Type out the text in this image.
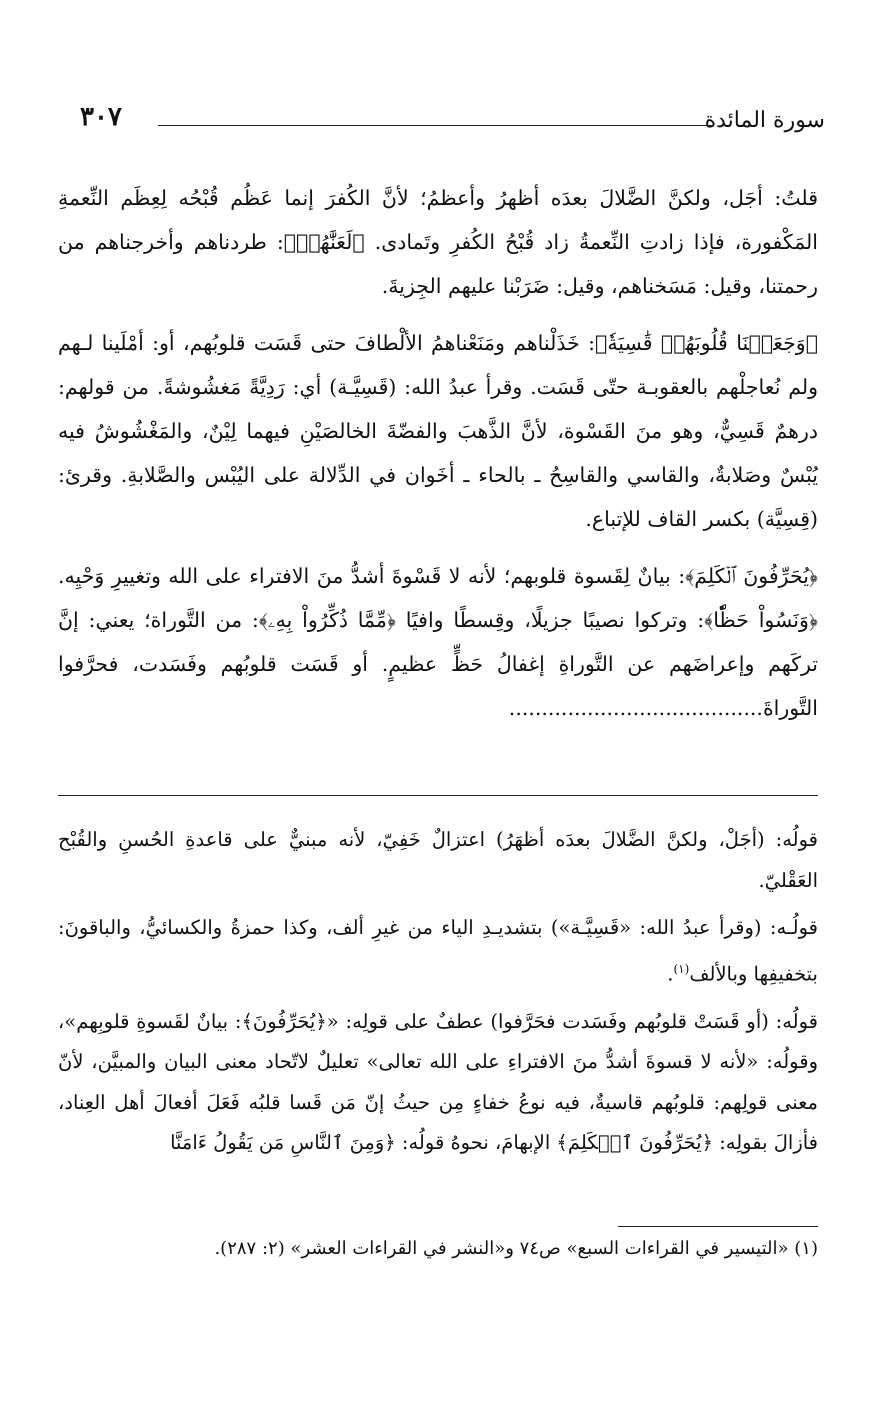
سورة المائدة
٣٠٧

قلتُ: أجَل، ولكنَّ الضَّلالَ بعدَه أظهرُ وأعظمُ؛ لأنَّ الكُفرَ إنما عَظُم قُبْحُه لِعِظَم النِّعمةِ المَكْفورة، فإذا زادتِ النِّعمةُ زاد قُبْحُ الكُفرِ وتَمادى. ﴿لَعَنَّٰهُمۡ﴾: طردناهم وأخرجناهم من رحمتنا، وقيل: مَسَخناهم، وقيل: ضَرَبْنا عليهم الجِزيةَ.

﴿وَجَعَلۡنَا قُلُوبَهُمۡ قَٰسِيَةٗ﴾: خَذَلْناهم ومَنَعْناهمُ الألْطافَ حتى قَسَت قلوبُهم، أو: أمْلَينا لـهم ولم نُعاجلْهم بالعقوبـة حتّى قَسَت. وقرأ عبدُ الله: (قَسِيَّـة) أي: رَدِيَّةً مَغشُوشةً. من قولهم: درهمٌ قَسِيٌّ، وهو منَ القَسْوة، لأنَّ الذَّهبَ والفضّةَ الخالصَيْنِ فيهما لِيْنٌ، والمَغْشُوشُ فيه يُبْسٌ وصَلابةٌ، والقاسي والقاسِحُ ـ بالحاء ـ أخَوان في الدِّلالة على اليُبْس والصَّلابةِ. وقرئ: (قِسِيَّة) بكسر القاف للإتباع.

﴿يُحَرِّفُونَ ٱلۡكَلِمَ﴾: بيانٌ لِقَسوة قلوبهم؛ لأنه لا قَسْوةَ أشدُّ منَ الافتراء على الله وتغييرِ وَحْيِه. ﴿وَنَسُواْ حَظّٗا﴾: وتركوا نصيبًا جزيلًا، وقِسطًا وافيًا ﴿مِّمَّا ذُكِّرُواْ بِهِۦ﴾: من التَّوراة؛ يعني: إنَّ تركَهم وإعراضَهم عن التَّوراةِ إغفالُ حَظٍّ عظيمٍ. أو قَسَت قلوبُهم وفَسَدت، فحرَّفوا التَّوراةَ.......................................

قولُه: (أجَلْ، ولكنَّ الضَّلالَ بعدَه أظهَرُ) اعتزالٌ خَفِيّ، لأنه مبنيٌّ على قاعدةِ الحُسنِ والقُبْح العَقْليّ.

قولُـه: (وقرأ عبدُ الله: «قَسِيَّـة») بتشديـدِ الياء من غيرِ ألف، وكذا حمزةُ والكسائيُّ، والباقونَ: بتخفيفِها وبالألف$^{(١)}$.

قولُه: (أو قَسَتْ قلوبُهم وفَسَدت فحَرَّفوا) عطفٌ على قولِه: «﴿يُحَرِّفُونَ﴾: بيانٌ لقَسوةِ قلوبِهم»، وقولُه: «لأنه لا قسوةَ أشدُّ منَ الافتراءِ على الله تعالى» تعليلٌ لاتّحاد معنى البيان والمبيَّن، لأنّ معنى قولِهم: قلوبُهم قاسيةٌ، فيه نوعُ خفاءٍ مِن حيثُ إنّ مَن قَسا قلبُه فَعَلَ أفعالَ أهل العِناد، فأزالَ بقولِه: ﴿يُحَرِّفُونَ ٱلۡكَلِمَ﴾ الإبهامَ، نحوهُ قولُه: ﴿وَمِنَ ٱلنَّاسِ مَن يَقُولُ ءَامَنَّا

(١) «التيسير في القراءات السبع» ص٧٤ و«النشر في القراءات العشر» (٢: ٢٨٧).
